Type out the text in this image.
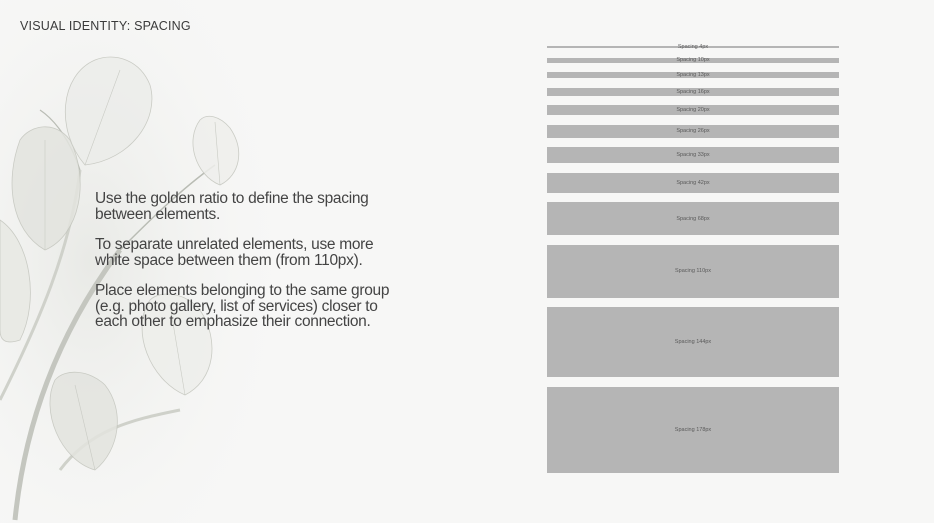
VISUAL IDENTITY: SPACING

Use the golden ratio to define the spacing between elements.

To separate unrelated elements, use more white space between them (from 110px).

Place elements belonging to the same group (e.g. photo gallery, list of services) closer to each other to emphasize their connection.

Spacing 4px
Spacing 10px
Spacing 13px
Spacing 16px
Spacing 20px
Spacing 26px
Spacing 33px
Spacing 42px
Spacing 68px
Spacing 110px
Spacing 144px
Spacing 178px
